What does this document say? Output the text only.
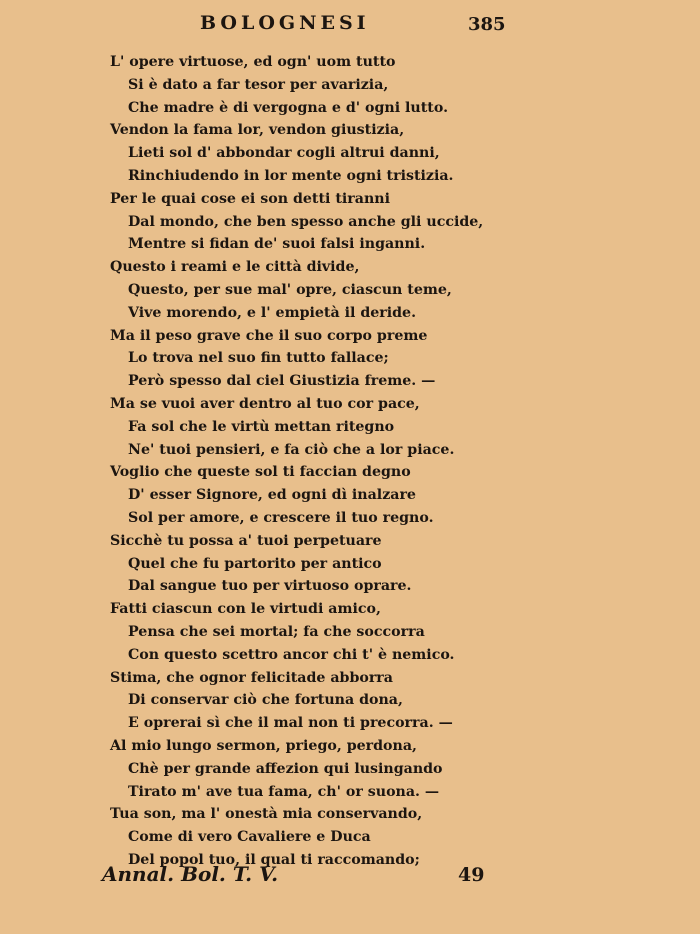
BOLOGNESI	385
L' opere virtuose, ed ogn' uom tutto
Si è dato a far tesor per avarizia,
Che madre è di vergogna e d' ogni lutto.
Vendon la fama lor, vendon giustizia,
Lieti sol d' abbondar cogli altrui danni,
Rinchiudendo in lor mente ogni tristizia.
Per le quai cose ei son detti tiranni
Dal mondo, che ben spesso anche gli uccide,
Mentre si fidan de' suoi falsi inganni.
Questo i reami e le città divide,
Questo, per sue mal' opre, ciascun teme,
Vive morendo, e l' empietà il deride.
Ma il peso grave che il suo corpo preme
Lo trova nel suo fin tutto fallace;
Però spesso dal ciel Giustizia freme. —
Ma se vuoi aver dentro al tuo cor pace,
Fa sol che le virtù mettan ritegno
Ne' tuoi pensieri, e fa ciò che a lor piace.
Voglio che queste sol ti faccian degno
D' esser Signore, ed ogni dì inalzare
Sol per amore, e crescere il tuo regno.
Sicchè tu possa a' tuoi perpetuare
Quel che fu partorito per antico
Dal sangue tuo per virtuoso oprare.
Fatti ciascun con le virtudi amico,
Pensa che sei mortal; fa che soccorra
Con questo scettro ancor chi t' è nemico.
Stima, che ognor felicitade abborra
Di conservar ciò che fortuna dona,
E oprerai sì che il mal non ti precorra. —
Al mio lungo sermon, priego, perdona,
Chè per grande affezion qui lusingando
Tirato m' ave tua fama, ch' or suona. —
Tua son, ma l' onestà mia conservando,
Come di vero Cavaliere e Duca
Del popol tuo, il qual ti raccomando;
Annal. Bol. T. V.	49
